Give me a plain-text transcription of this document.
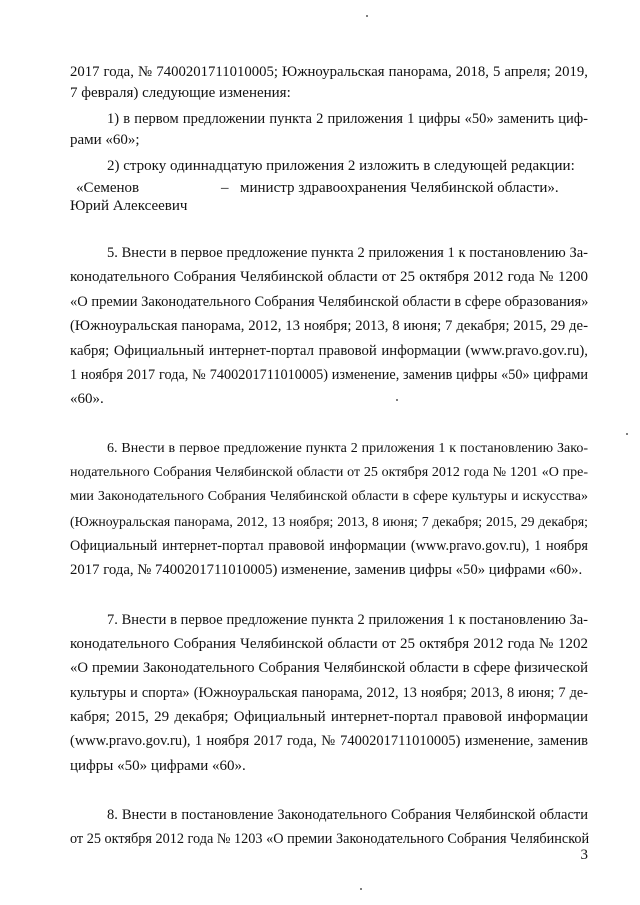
2017 года, № 7400201711010005; Южноуральская панорама, 2018, 5 апреля; 2019,
7 февраля) следующие изменения:
1) в первом предложении пункта 2 приложения 1 цифры «50» заменить циф-
рами «60»;
2) строку одиннадцатую приложения 2 изложить в следующей редакции:
«Семенов
Юрий Алексеевич
– министр здравоохранения Челябинской области».
5. Внести в первое предложение пункта 2 приложения 1 к постановлению За-
конодательного Собрания Челябинской области от 25 октября 2012 года № 1200
«О премии Законодательного Собрания Челябинской области в сфере образования»
(Южноуральская панорама, 2012, 13 ноября; 2013, 8 июня; 7 декабря; 2015, 29 де-
кабря; Официальный интернет-портал правовой информации (www.pravo.gov.ru),
1 ноября 2017 года, № 7400201711010005) изменение, заменив цифры «50» цифрами
«60».
6. Внести в первое предложение пункта 2 приложения 1 к постановлению Зако-
нодательного Собрания Челябинской области от 25 октября 2012 года № 1201 «О пре-
мии Законодательного Собрания Челябинской области в сфере культуры и искусства»
(Южноуральская панорама, 2012, 13 ноября; 2013, 8 июня; 7 декабря; 2015, 29 декабря;
Официальный интернет-портал правовой информации (www.pravo.gov.ru), 1 ноября
2017 года, № 7400201711010005) изменение, заменив цифры «50» цифрами «60».
7. Внести в первое предложение пункта 2 приложения 1 к постановлению За-
конодательного Собрания Челябинской области от 25 октября 2012 года № 1202
«О премии Законодательного Собрания Челябинской области в сфере физической
культуры и спорта» (Южноуральская панорама, 2012, 13 ноября; 2013, 8 июня; 7 де-
кабря; 2015, 29 декабря; Официальный интернет-портал правовой информации
(www.pravo.gov.ru), 1 ноября 2017 года, № 7400201711010005) изменение, заменив
цифры «50» цифрами «60».
8. Внести в постановление Законодательного Собрания Челябинской области
от 25 октября 2012 года № 1203 «О премии Законодательного Собрания Челябинской
3
